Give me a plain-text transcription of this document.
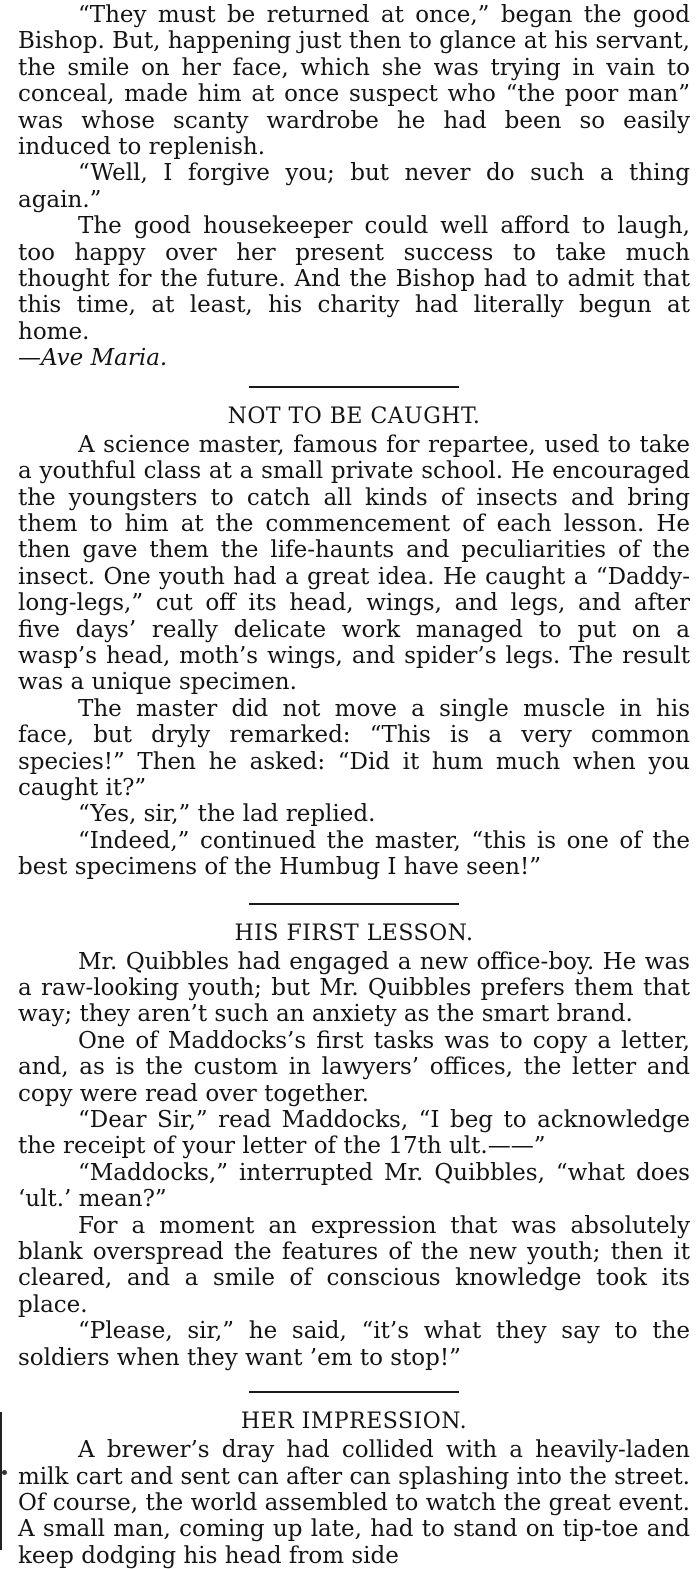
“They must be returned at once,” began the good Bishop. But, happening just then to glance at his servant, the smile on her face, which she was trying in vain to conceal, made him at once suspect who “the poor man” was whose scanty wardrobe he had been so easily induced to replenish.

“Well, I forgive you; but never do such a thing again.”

The good housekeeper could well afford to laugh, too happy over her present success to take much thought for the future. And the Bishop had to admit that this time, at least, his charity had literally begun at home.

—Ave Maria.

NOT TO BE CAUGHT.

A science master, famous for repartee, used to take a youthful class at a small private school. He encouraged the youngsters to catch all kinds of insects and bring them to him at the commencement of each lesson. He then gave them the life-haunts and peculiarities of the insect. One youth had a great idea. He caught a “Daddy-long-legs,” cut off its head, wings, and legs, and after five days’ really delicate work managed to put on a wasp’s head, moth’s wings, and spider’s legs. The result was a unique specimen.

The master did not move a single muscle in his face, but dryly remarked: “This is a very common species!” Then he asked: “Did it hum much when you caught it?”

“Yes, sir,” the lad replied.

“Indeed,” continued the master, “this is one of the best specimens of the Humbug I have seen!”

HIS FIRST LESSON.

Mr. Quibbles had engaged a new office-boy. He was a raw-looking youth; but Mr. Quibbles prefers them that way; they aren’t such an anxiety as the smart brand.

One of Maddocks’s first tasks was to copy a letter, and, as is the custom in lawyers’ offices, the letter and copy were read over together.

“Dear Sir,” read Maddocks, “I beg to acknowledge the receipt of your letter of the 17th ult.——”

“Maddocks,” interrupted Mr. Quibbles, “what does ‘ult.’ mean?”

For a moment an expression that was absolutely blank overspread the features of the new youth; then it cleared, and a smile of conscious knowledge took its place.

“Please, sir,” he said, “it’s what they say to the soldiers when they want ’em to stop!”

HER IMPRESSION.

A brewer’s dray had collided with a heavily-laden milk cart and sent can after can splashing into the street. Of course, the world assembled to watch the great event. A small man, coming up late, had to stand on tip-toe and keep dodging his head from side
